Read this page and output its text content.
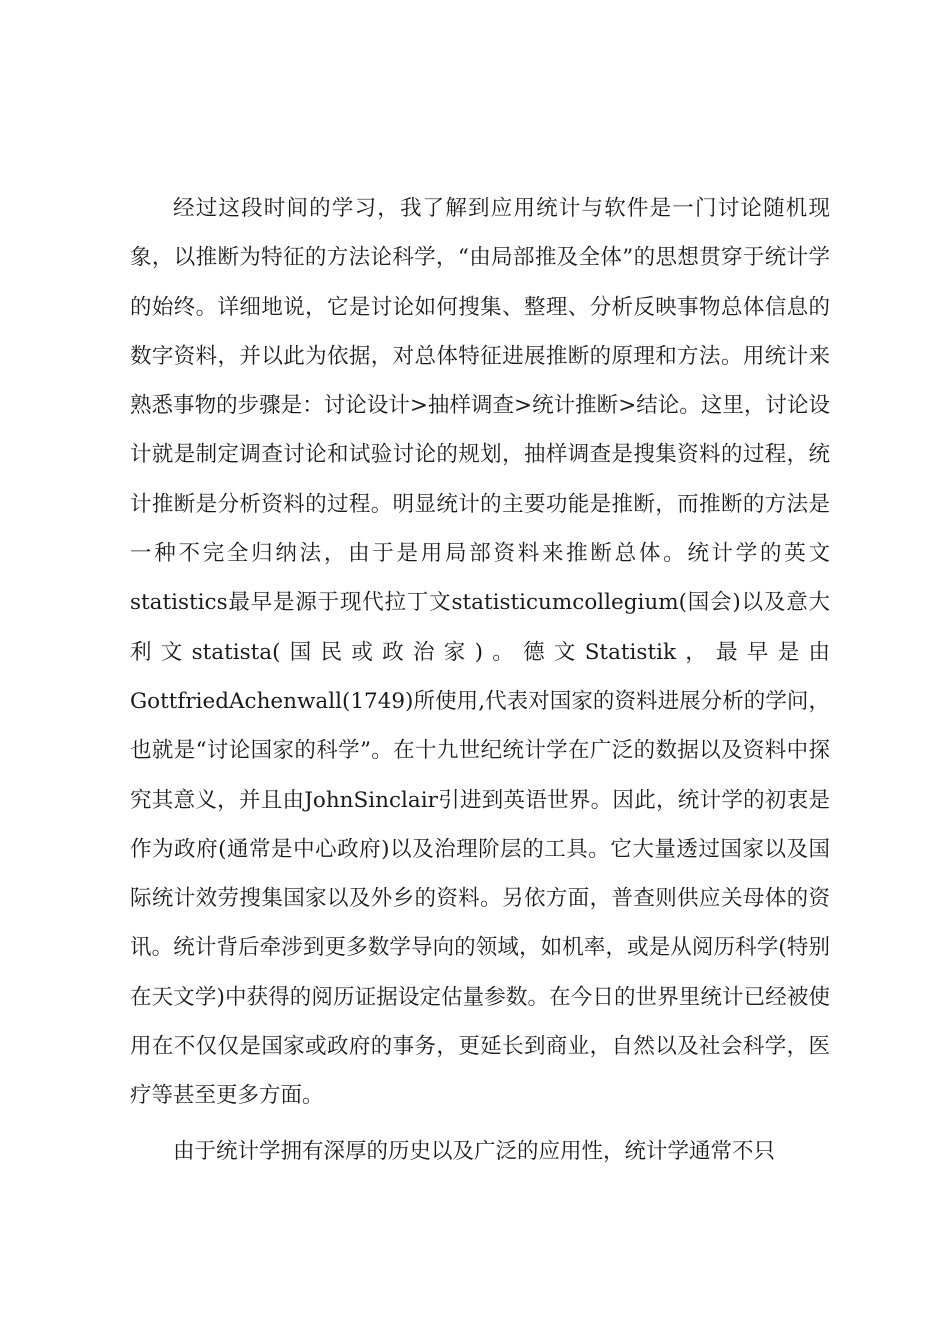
经过这段时间的学习，我了解到应用统计与软件是一门讨论随机现象，以推断为特征的方法论科学，“由局部推及全体”的思想贯穿于统计学的始终。详细地说，它是讨论如何搜集、整理、分析反映事物总体信息的数字资料，并以此为依据，对总体特征进展推断的原理和方法。用统计来熟悉事物的步骤是：讨论设计>抽样调查>统计推断>结论。这里，讨论设计就是制定调查讨论和试验讨论的规划，抽样调查是搜集资料的过程，统计推断是分析资料的过程。明显统计的主要功能是推断，而推断的方法是一种不完全归纳法，由于是用局部资料来推断总体。统计学的英文statistics最早是源于现代拉丁文statisticumcollegium(国会)以及意大利文statista(国民或政治家)。德文Statistik，最早是由GottfriedAchenwall(1749)所使用,代表对国家的资料进展分析的学问，也就是“讨论国家的科学”。在十九世纪统计学在广泛的数据以及资料中探究其意义，并且由JohnSinclair引进到英语世界。因此，统计学的初衷是作为政府(通常是中心政府)以及治理阶层的工具。它大量透过国家以及国际统计效劳搜集国家以及外乡的资料。另依方面，普查则供应关母体的资讯。统计背后牵涉到更多数学导向的领域，如机率，或是从阅历科学(特别在天文学)中获得的阅历证据设定估量参数。在今日的世界里统计已经被使用在不仅仅是国家或政府的事务，更延长到商业，自然以及社会科学，医疗等甚至更多方面。

由于统计学拥有深厚的历史以及广泛的应用性，统计学通常不只
